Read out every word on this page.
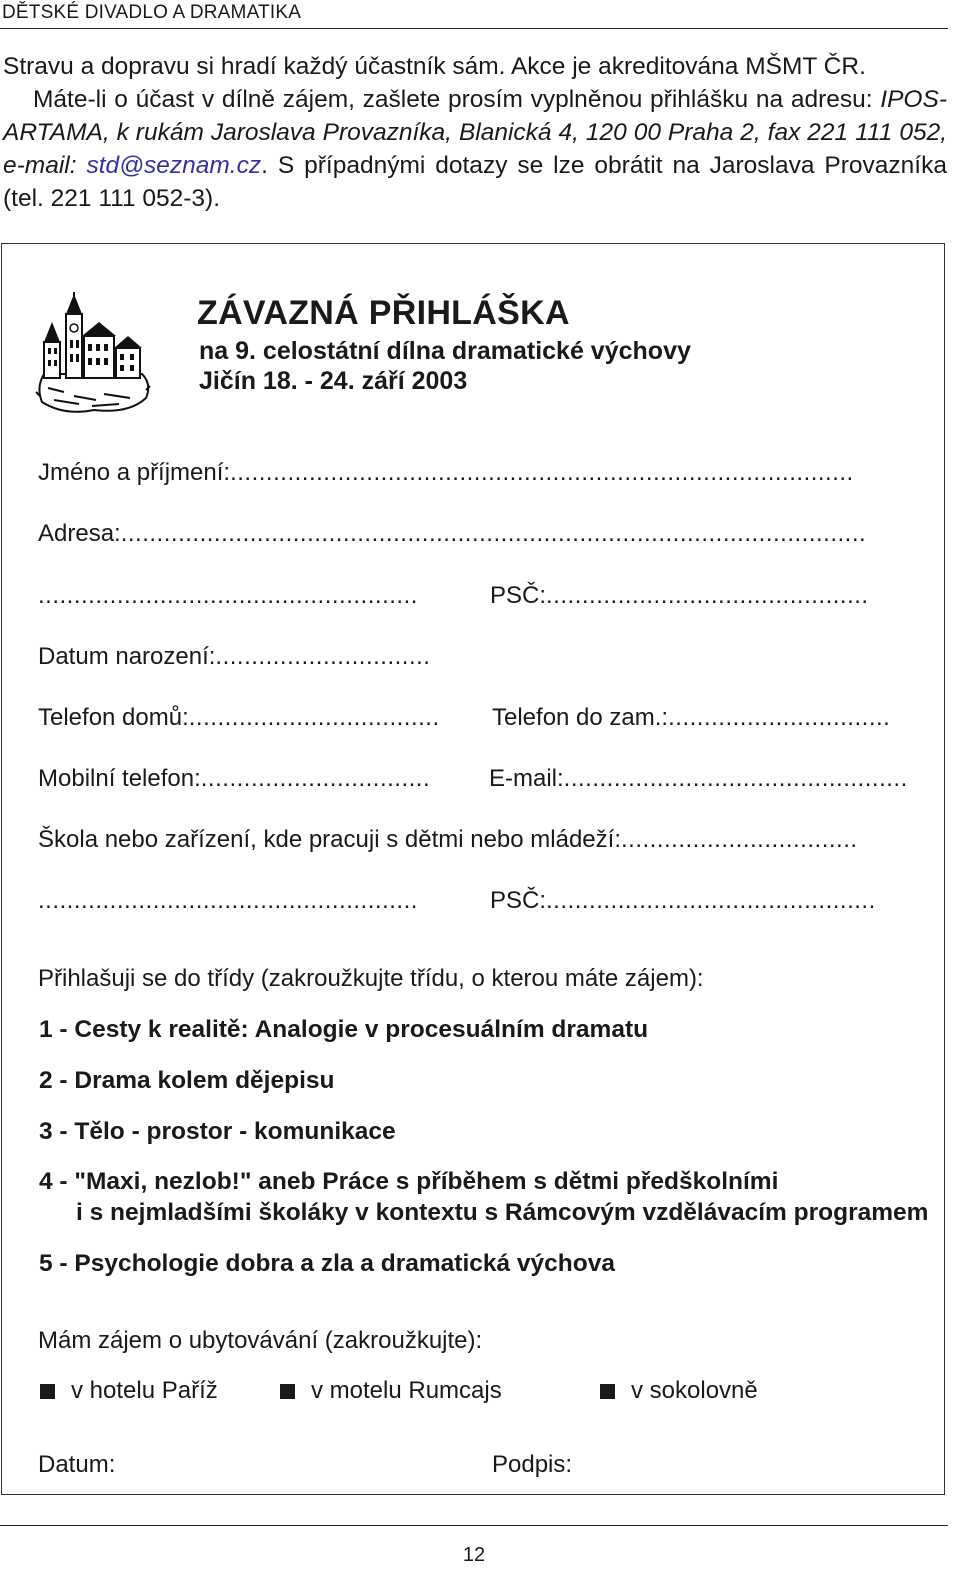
DĚTSKÉ DIVADLO A DRAMATIKA

Stravu a dopravu si hradí každý účastník sám. Akce je akreditována MŠMT ČR.

Máte-li o účast v dílně zájem, zašlete prosím vyplněnou přihlášku na adresu: IPOS-ARTAMA, k rukám Jaroslava Provazníka, Blanická 4, 120 00 Praha 2, fax 221 111 052, e-mail: std@seznam.cz. S případnými dotazy se lze obrátit na Jaroslava Provazníka (tel. 221 111 052-3).

ZÁVAZNÁ PŘIHLÁŠKA
na 9. celostátní dílna dramatické výchovy
Jičín 18. - 24. září 2003
Jméno a příjmení:.......................................................................................
Adresa:........................................................................................................
.....................................................	PSČ:.............................................
Datum narození:..............................
Telefon domů:................................... Telefon do zam.:...............................
Mobilní telefon:................................ E-mail:................................................
Škola nebo zařízení, kde pracuji s dětmi nebo mládeží:.................................
.....................................................	PSČ:..............................................
Přihlašuji se do třídy (zakroužkujte třídu, o kterou máte zájem):
1 - Cesty k realitě: Analogie v procesuálním dramatu
2 - Drama kolem dějepisu
3 - Tělo - prostor - komunikace
4 - "Maxi, nezlob!" aneb Práce s příběhem s dětmi předškolními
i s nejmladšími školáky v kontextu s Rámcovým vzdělávacím programem
5 - Psychologie dobra a zla a dramatická výchova
Mám zájem o ubytovávání (zakroužkujte):
v hotelu Paříž	v motelu Rumcajs	v sokolovně
Datum:	Podpis:
12
